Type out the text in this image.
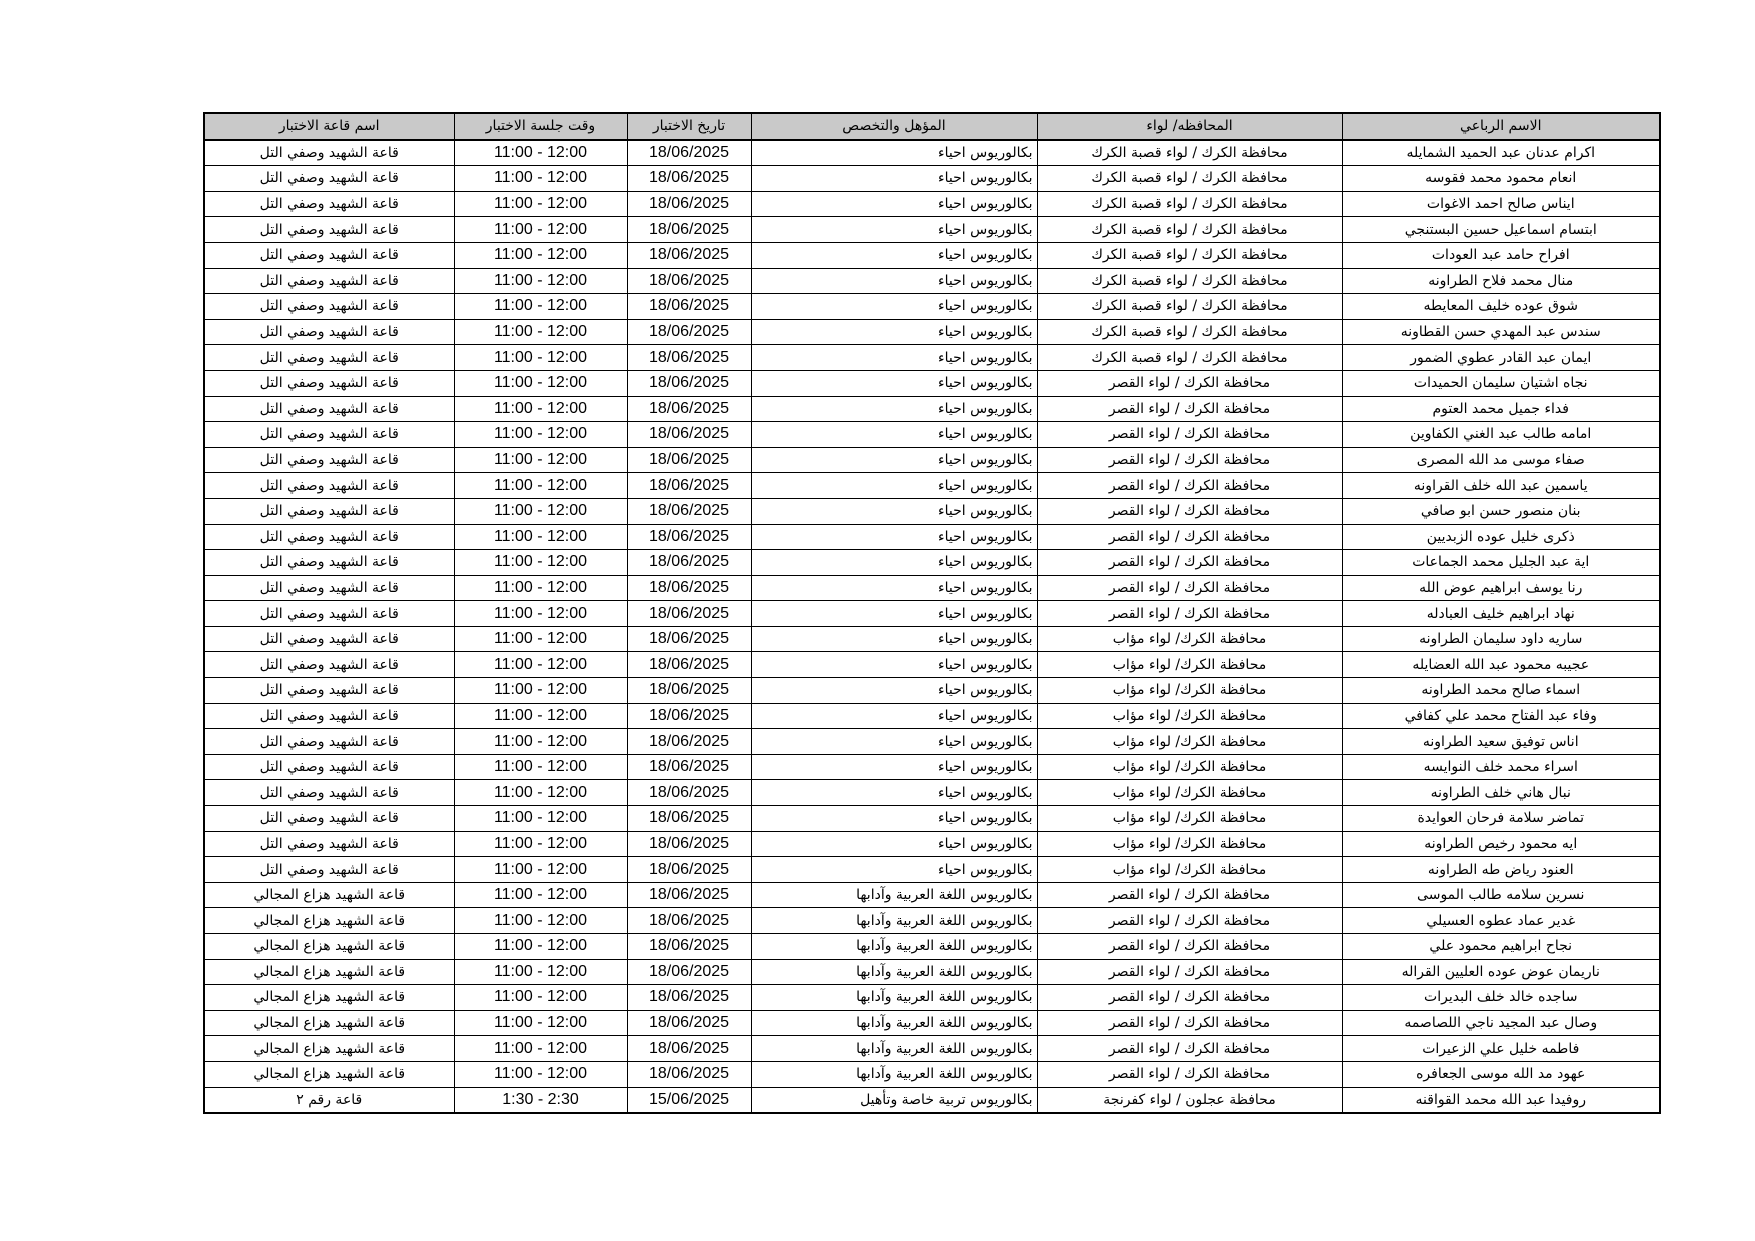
الاسم الرباعي	المحافظه/ لواء	المؤهل والتخصص	تاريخ الاختبار	وقت جلسة الاختبار	اسم قاعة الاختبار
اكرام عدنان عبد الحميد الشمايله	محافظة الكرك / لواء قصبة الكرك	بكالوريوس احياء	18/06/2025	11:00 - 12:00	قاعة الشهيد وصفي التل
انعام محمود محمد فقوسه	محافظة الكرك / لواء قصبة الكرك	بكالوريوس احياء	18/06/2025	11:00 - 12:00	قاعة الشهيد وصفي التل
ايناس صالح احمد الاغوات	محافظة الكرك / لواء قصبة الكرك	بكالوريوس احياء	18/06/2025	11:00 - 12:00	قاعة الشهيد وصفي التل
ابتسام اسماعيل حسين البستنجي	محافظة الكرك / لواء قصبة الكرك	بكالوريوس احياء	18/06/2025	11:00 - 12:00	قاعة الشهيد وصفي التل
افراح حامد عبد العودات	محافظة الكرك / لواء قصبة الكرك	بكالوريوس احياء	18/06/2025	11:00 - 12:00	قاعة الشهيد وصفي التل
منال محمد فلاح الطراونه	محافظة الكرك / لواء قصبة الكرك	بكالوريوس احياء	18/06/2025	11:00 - 12:00	قاعة الشهيد وصفي التل
شوق عوده خليف المعايطه	محافظة الكرك / لواء قصبة الكرك	بكالوريوس احياء	18/06/2025	11:00 - 12:00	قاعة الشهيد وصفي التل
سندس عبد المهدي حسن القطاونه	محافظة الكرك / لواء قصبة الكرك	بكالوريوس احياء	18/06/2025	11:00 - 12:00	قاعة الشهيد وصفي التل
ايمان عبد القادر عطوي الضمور	محافظة الكرك / لواء قصبة الكرك	بكالوريوس احياء	18/06/2025	11:00 - 12:00	قاعة الشهيد وصفي التل
نجاه اشتيان سليمان الحميدات	محافظة الكرك / لواء القصر	بكالوريوس احياء	18/06/2025	11:00 - 12:00	قاعة الشهيد وصفي التل
فداء جميل محمد العتوم	محافظة الكرك / لواء القصر	بكالوريوس احياء	18/06/2025	11:00 - 12:00	قاعة الشهيد وصفي التل
امامه طالب عبد الغني الكفاوين	محافظة الكرك / لواء القصر	بكالوريوس احياء	18/06/2025	11:00 - 12:00	قاعة الشهيد وصفي التل
صفاء موسى مد الله المصرى	محافظة الكرك / لواء القصر	بكالوريوس احياء	18/06/2025	11:00 - 12:00	قاعة الشهيد وصفي التل
ياسمين عبد الله خلف القراونه	محافظة الكرك / لواء القصر	بكالوريوس احياء	18/06/2025	11:00 - 12:00	قاعة الشهيد وصفي التل
بنان منصور حسن ابو صافي	محافظة الكرك / لواء القصر	بكالوريوس احياء	18/06/2025	11:00 - 12:00	قاعة الشهيد وصفي التل
ذكرى خليل عوده الزبديين	محافظة الكرك / لواء القصر	بكالوريوس احياء	18/06/2025	11:00 - 12:00	قاعة الشهيد وصفي التل
اية عبد الجليل محمد الجماعات	محافظة الكرك / لواء القصر	بكالوريوس احياء	18/06/2025	11:00 - 12:00	قاعة الشهيد وصفي التل
رنا يوسف ابراهيم عوض الله	محافظة الكرك / لواء القصر	بكالوريوس احياء	18/06/2025	11:00 - 12:00	قاعة الشهيد وصفي التل
نهاد ابراهيم خليف العبادله	محافظة الكرك / لواء القصر	بكالوريوس احياء	18/06/2025	11:00 - 12:00	قاعة الشهيد وصفي التل
ساريه داود سليمان الطراونه	محافظة الكرك/ لواء مؤاب	بكالوريوس احياء	18/06/2025	11:00 - 12:00	قاعة الشهيد وصفي التل
عجيبه محمود عبد الله العضايله	محافظة الكرك/ لواء مؤاب	بكالوريوس احياء	18/06/2025	11:00 - 12:00	قاعة الشهيد وصفي التل
اسماء صالح محمد الطراونه	محافظة الكرك/ لواء مؤاب	بكالوريوس احياء	18/06/2025	11:00 - 12:00	قاعة الشهيد وصفي التل
وفاء عبد الفتاح محمد علي كفافي	محافظة الكرك/ لواء مؤاب	بكالوريوس احياء	18/06/2025	11:00 - 12:00	قاعة الشهيد وصفي التل
اناس توفيق سعيد الطراونه	محافظة الكرك/ لواء مؤاب	بكالوريوس احياء	18/06/2025	11:00 - 12:00	قاعة الشهيد وصفي التل
اسراء محمد خلف النوايسه	محافظة الكرك/ لواء مؤاب	بكالوريوس احياء	18/06/2025	11:00 - 12:00	قاعة الشهيد وصفي التل
نبال هاني خلف الطراونه	محافظة الكرك/ لواء مؤاب	بكالوريوس احياء	18/06/2025	11:00 - 12:00	قاعة الشهيد وصفي التل
تماضر سلامة فرحان العوايدة	محافظة الكرك/ لواء مؤاب	بكالوريوس احياء	18/06/2025	11:00 - 12:00	قاعة الشهيد وصفي التل
ايه محمود رخيص الطراونه	محافظة الكرك/ لواء مؤاب	بكالوريوس احياء	18/06/2025	11:00 - 12:00	قاعة الشهيد وصفي التل
العنود رياض طه الطراونه	محافظة الكرك/ لواء مؤاب	بكالوريوس احياء	18/06/2025	11:00 - 12:00	قاعة الشهيد وصفي التل
نسرين سلامه طالب الموسى	محافظة الكرك / لواء القصر	بكالوريوس اللغة العربية وآدابها	18/06/2025	11:00 - 12:00	قاعة الشهيد هزاع المجالي
غدير عماد عطوه العسيلي	محافظة الكرك / لواء القصر	بكالوريوس اللغة العربية وآدابها	18/06/2025	11:00 - 12:00	قاعة الشهيد هزاع المجالي
نجاح ابراهيم محمود علي	محافظة الكرك / لواء القصر	بكالوريوس اللغة العربية وآدابها	18/06/2025	11:00 - 12:00	قاعة الشهيد هزاع المجالي
ناريمان عوض عوده العليين القراله	محافظة الكرك / لواء القصر	بكالوريوس اللغة العربية وآدابها	18/06/2025	11:00 - 12:00	قاعة الشهيد هزاع المجالي
ساجده خالد خلف البديرات	محافظة الكرك / لواء القصر	بكالوريوس اللغة العربية وآدابها	18/06/2025	11:00 - 12:00	قاعة الشهيد هزاع المجالي
وصال عبد المجيد ناجي اللصاصمه	محافظة الكرك / لواء القصر	بكالوريوس اللغة العربية وآدابها	18/06/2025	11:00 - 12:00	قاعة الشهيد هزاع المجالي
فاطمه خليل علي الزعيرات	محافظة الكرك / لواء القصر	بكالوريوس اللغة العربية وآدابها	18/06/2025	11:00 - 12:00	قاعة الشهيد هزاع المجالي
عهود مد الله موسى الجعافره	محافظة الكرك / لواء القصر	بكالوريوس اللغة العربية وآدابها	18/06/2025	11:00 - 12:00	قاعة الشهيد هزاع المجالي
روفيدا عبد الله محمد القواقنه	محافظة عجلون / لواء كفرنجة	بكالوريوس تربية خاصة وتأهيل	15/06/2025	1:30 - 2:30	قاعة رقم ٢
